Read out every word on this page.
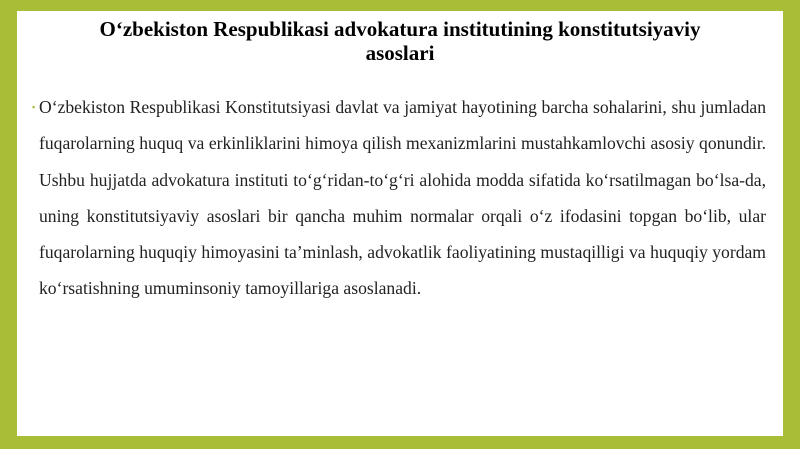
O‘zbekiston Respublikasi advokatura institutining konstitutsiyaviy
asoslari
▪ O‘zbekiston Respublikasi Konstitutsiyasi davlat va jamiyat hayotining barcha sohalarini, shu jumladan fuqarolarning huquq va erkinliklarini himoya qilish mexanizmlarini mustahkamlovchi asosiy qonundir. Ushbu hujjatda advokatura instituti to‘g‘ridan-to‘g‘ri alohida modda sifatida ko‘rsatilmagan bo‘lsa-da, uning konstitutsiyaviy asoslari bir qancha muhim normalar orqali o‘z ifodasini topgan bo‘lib, ular fuqarolarning huquqiy himoyasini ta’minlash, advokatlik faoliyatining mustaqilligi va huquqiy yordam ko‘rsatishning umuminsoniy tamoyillariga asoslanadi.
